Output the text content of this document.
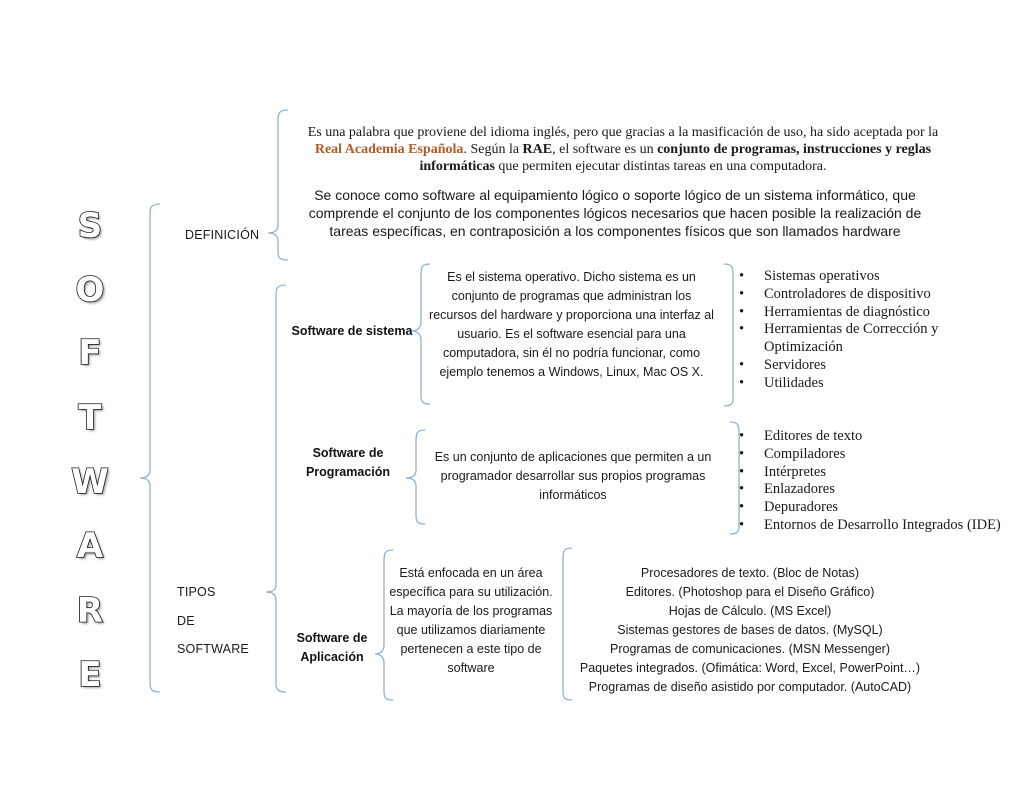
S
O
F
T
W
A
R
E
DEFINICIÓN
Es una palabra que proviene del idioma inglés, pero que gracias a la masificación de uso, ha sido aceptada por la Real Academia Española. Según la RAE, el software es un conjunto de programas, instrucciones y reglas informáticas que permiten ejecutar distintas tareas en una computadora.
Se conoce como software al equipamiento lógico o soporte lógico de un sistema informático, que comprende el conjunto de los componentes lógicos necesarios que hacen posible la realización de tareas específicas, en contraposición a los componentes físicos que son llamados hardware
TIPOS
DE
SOFTWARE
Software de sistema
Es el sistema operativo. Dicho sistema es un conjunto de programas que administran los recursos del hardware y proporciona una interfaz al usuario. Es el software esencial para una computadora, sin él no podría funcionar, como ejemplo tenemos a Windows, Linux, Mac OS X.
• Sistemas operativos
• Controladores de dispositivo
• Herramientas de diagnóstico
• Herramientas de Corrección y Optimización
• Servidores
• Utilidades
Software de
Programación
Es un conjunto de aplicaciones que permiten a un programador desarrollar sus propios programas informáticos
• Editores de texto
• Compiladores
• Intérpretes
• Enlazadores
• Depuradores
• Entornos de Desarrollo Integrados (IDE)
Software de
Aplicación
Está enfocada en un área específica para su utilización. La mayoría de los programas que utilizamos diariamente pertenecen a este tipo de software
Procesadores de texto. (Bloc de Notas)
Editores. (Photoshop para el Diseño Gráfico)
Hojas de Cálculo. (MS Excel)
Sistemas gestores de bases de datos. (MySQL)
Programas de comunicaciones. (MSN Messenger)
Paquetes integrados. (Ofimática: Word, Excel, PowerPoint…)
Programas de diseño asistido por computador. (AutoCAD)
